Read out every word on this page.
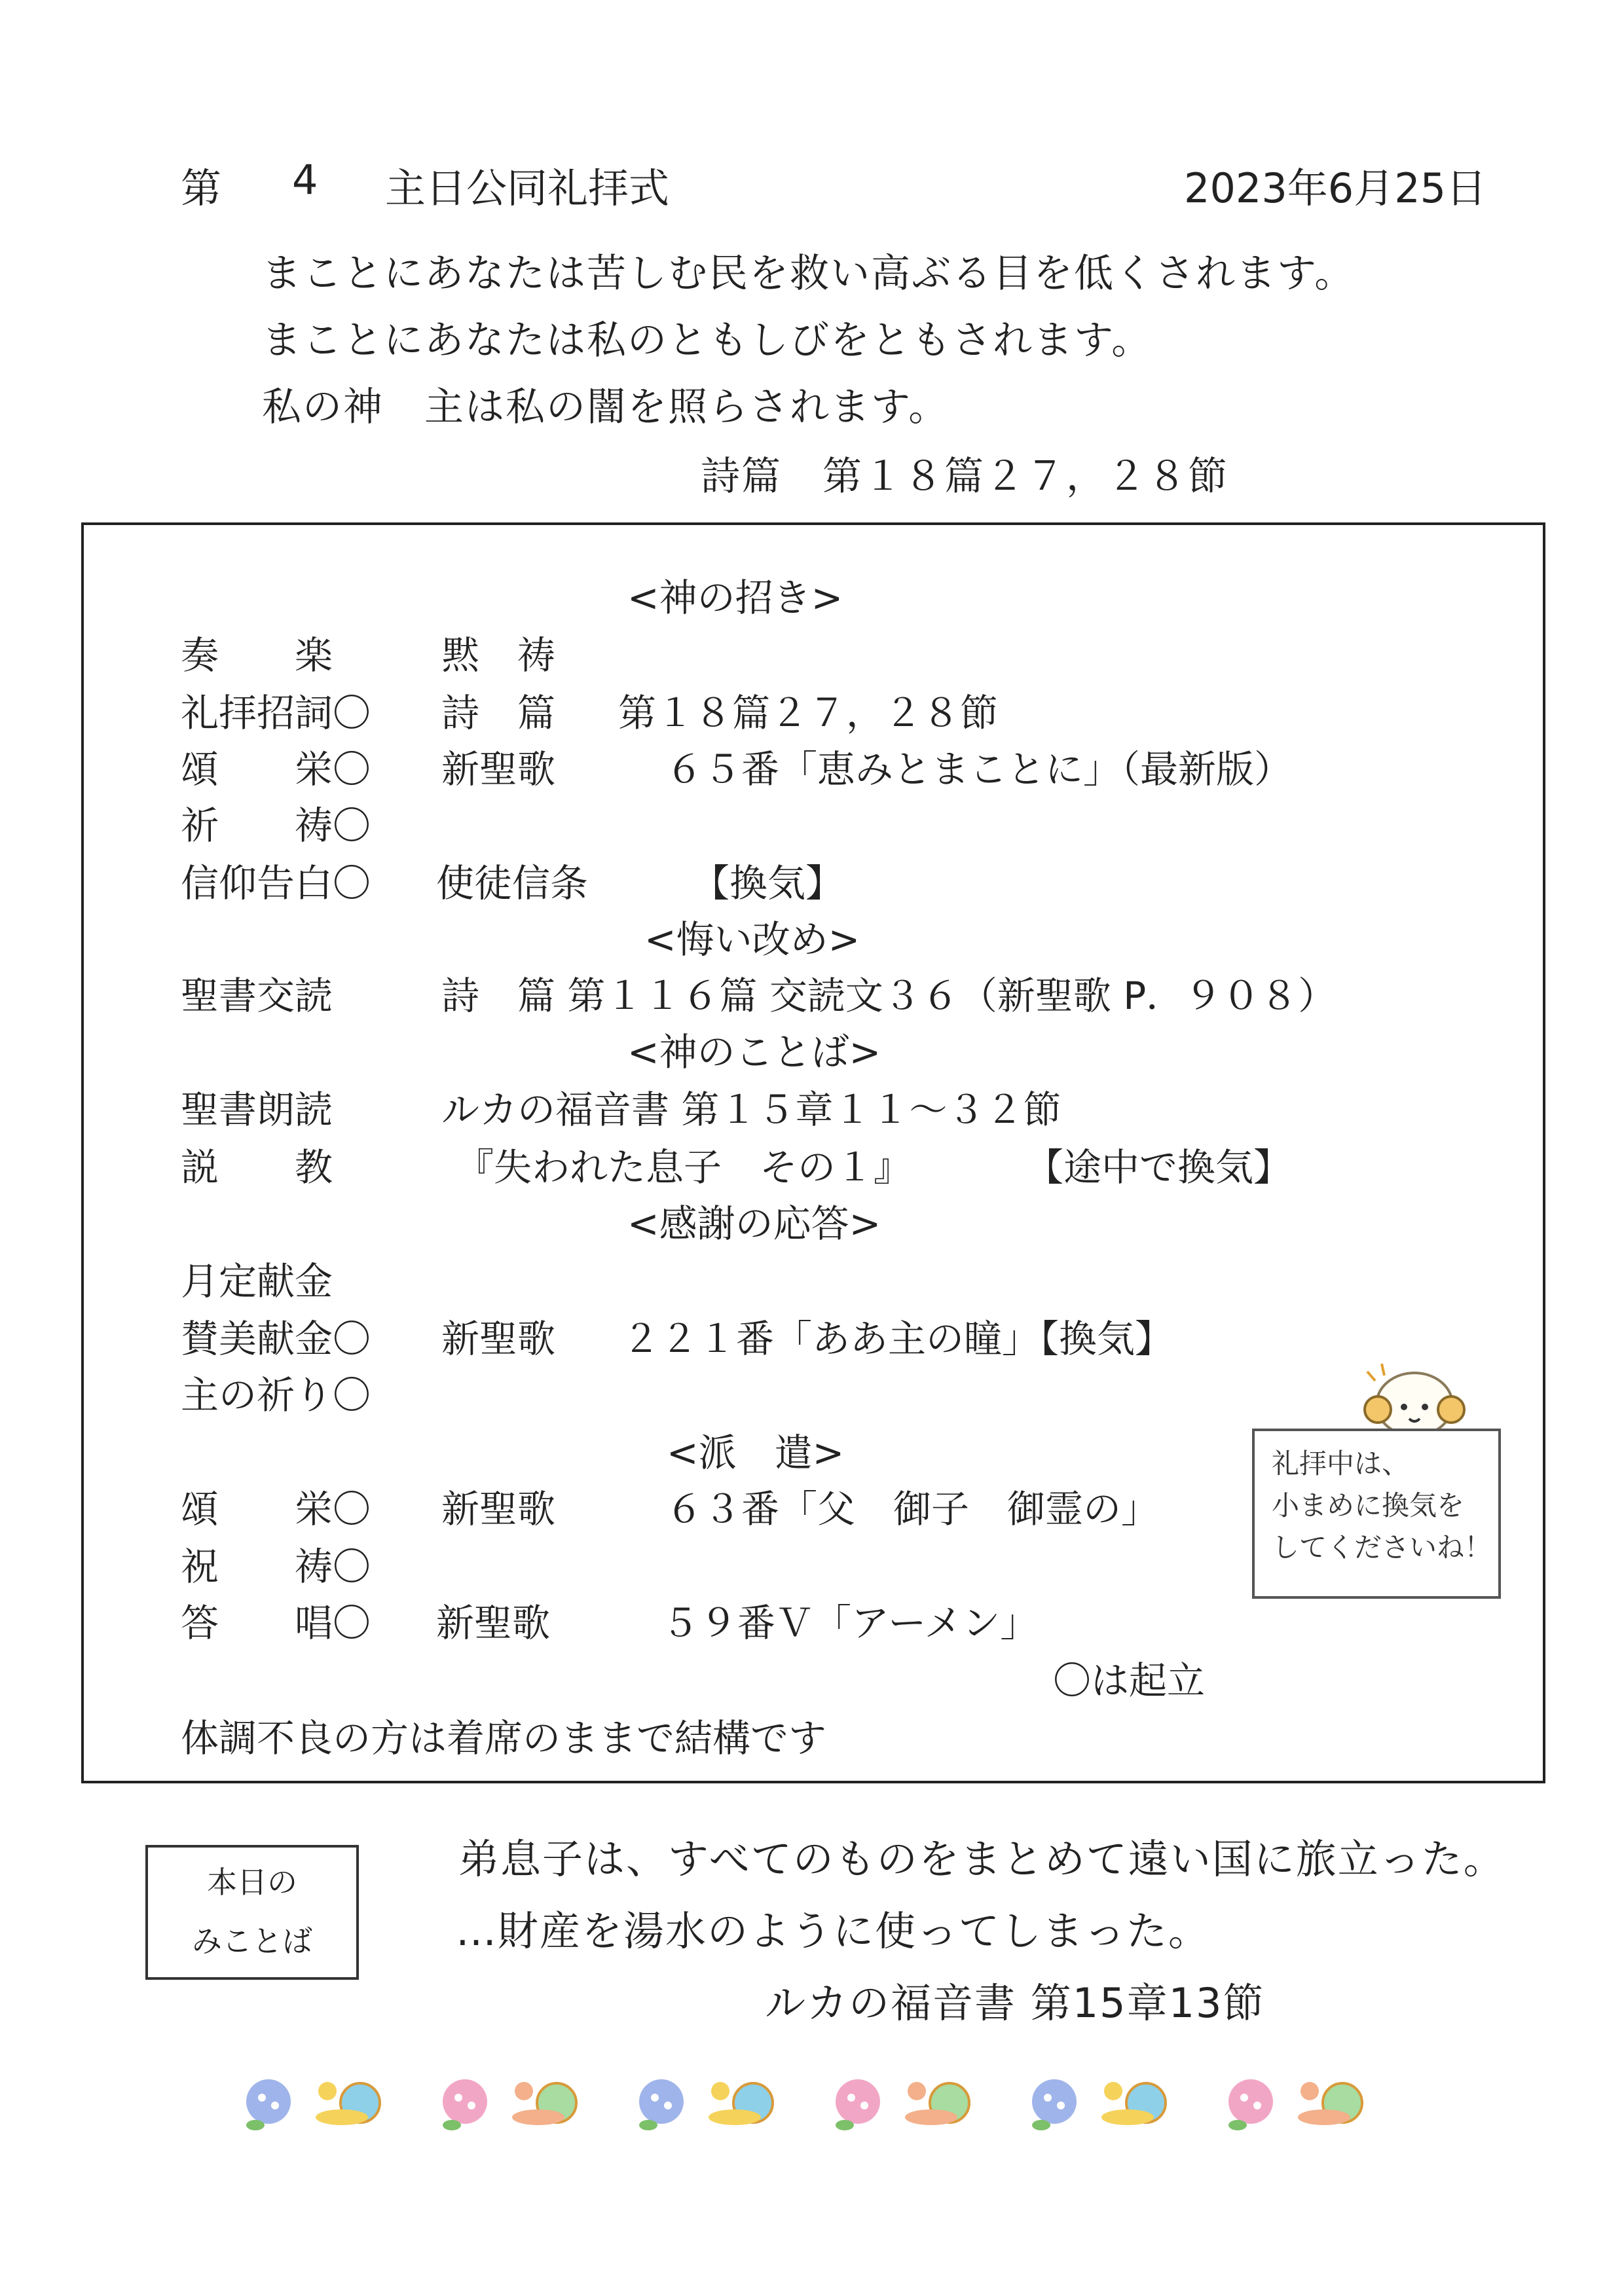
第 4 主日公同礼拝式	2023年6月25日
まことにあなたは苦しむ民を救い高ぶる目を低くされます。
まことにあなたは私のともしびをともされます。
私の神　主は私の闇を照らされます。
詩篇　第１８篇２７，２８節
<神の招き>
奏　　楽	黙　祷
礼拝招詞〇 詩　篇 第１８篇２７，２８節
頌　　栄〇 新聖歌	６５番「恵みとまことに」（最新版）
祈　　祷〇
信仰告白〇 使徒信条	【換気】
<悔い改め>
聖書交読	詩　篇 第１１６篇 交読文３６（新聖歌 P．９０８）
<神のことば>
聖書朗読	ルカの福音書 第１５章１１～３２節
説　　教	『失われた息子　その１』	【途中で換気】
<感謝の応答>
月定献金
賛美献金〇 新聖歌 ２２１番「ああ主の瞳」【換気】
主の祈り〇
<派　遣>
頌　　栄〇 新聖歌	６３番「父　御子　御霊の」
祝　　祷〇
答　　唱〇 新聖歌	５９番Ｖ「アーメン」
〇は起立
体調不良の方は着席のままで結構です
礼拝中は、
小まめに換気を
してくださいね！
本日の
みことば
弟息子は、すべてのものをまとめて遠い国に旅立った。
…財産を湯水のように使ってしまった。
ルカの福音書 第15章13節
